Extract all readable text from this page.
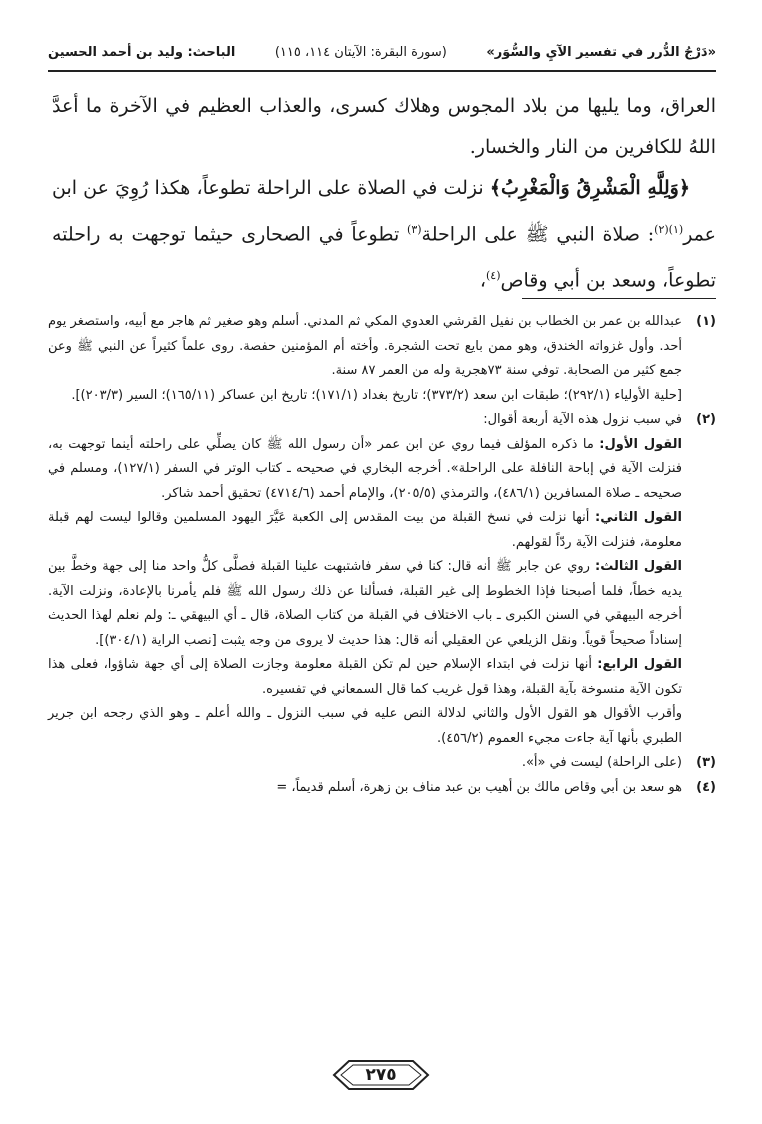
«دَرْجُ الدُّرر في تفسير الآيِ والسُّوَر»
(سورة البقرة: الآيتان ١١٤، ١١٥)
الباحث: وليد بن أحمد الحسين

العراق، وما يليها من بلاد المجوس وهلاك كسرى، والعذاب العظيم في الآخرة ما أعدَّ اللهُ للكافرين من النار والخسار.

﴿وَلِلَّهِ الْمَشْرِقُ وَالْمَغْرِبُ﴾ نزلت في الصلاة على الراحلة تطوعاً، هكذا رُوِيَ عن ابن عمر$^{(١)(٢)}$: صلاة النبي ﷺ على الراحلة$^{(٣)}$ تطوعاً في الصحارى حيثما توجهت به راحلته تطوعاً، وسعد بن أبي وقاص$^{(٤)}$،

(١)

عبدالله بن عمر بن الخطاب بن نفيل القرشي العدوي المكي ثم المدني. أسلم وهو صغير ثم هاجر مع أبيه، واستصغر يوم أحد. وأول غزواته الخندق، وهو ممن بايع تحت الشجرة. وأخته أم المؤمنين حفصة. روى علماً كثيراً عن النبي ﷺ وعن جمع كثير من الصحابة. توفي سنة ٧٣هجرية وله من العمر ٨٧ سنة.

[حلية الأولياء (٢٩٢/١)؛ طبقات ابن سعد (٣٧٣/٢)؛ تاريخ بغداد (١٧١/١)؛ تاريخ ابن عساكر (١٦٥/١١)؛ السير (٢٠٣/٣)].

(٢)

في سبب نزول هذه الآية أربعة أقوال:

القول الأول: ما ذكره المؤلف فيما روي عن ابن عمر «أن رسول الله ﷺ كان يصلِّي على راحلته أينما توجهت به، فنزلت الآية في إباحة النافلة على الراحلة». أخرجه البخاري في صحيحه ـ كتاب الوتر في السفر (١٢٧/١)، ومسلم في صحيحه ـ صلاة المسافرين (٤٨٦/١)، والترمذي (٢٠٥/٥)، والإمام أحمد (٤٧١٤/٦) تحقيق أحمد شاكر.

القول الثاني: أنها نزلت في نسخ القبلة من بيت المقدس إلى الكعبة عَيَّرَ اليهود المسلمين وقالوا ليست لهم قبلة معلومة، فنزلت الآية ردّاً لقولهم.

القول الثالث: روي عن جابر ﷺ أنه قال: كنا في سفر فاشتبهت علينا القبلة فصلَّى كلُّ واحد منا إلى جهة وخطَّ بين يديه خطاً، فلما أصبحنا فإذا الخطوط إلى غير القبلة، فسألنا عن ذلك رسول الله ﷺ فلم يأمرنا بالإعادة، ونزلت الآية. أخرجه البيهقي في السنن الكبرى ـ باب الاختلاف في القبلة من كتاب الصلاة، قال ـ أي البيهقي ـ: ولم نعلم لهذا الحديث إسناداً صحيحاً قوياً. ونقل الزيلعي عن العقيلي أنه قال: هذا حديث لا يروى من وجه يثبت [نصب الراية (٣٠٤/١)].

القول الرابع: أنها نزلت في ابتداء الإسلام حين لم تكن القبلة معلومة وجازت الصلاة إلى أي جهة شاؤوا، فعلى هذا تكون الآية منسوخة بآية القبلة، وهذا قول غريب كما قال السمعاني في تفسيره.

وأقرب الأقوال هو القول الأول والثاني لدلالة النص عليه في سبب النزول ـ والله أعلم ـ وهو الذي رجحه ابن جرير الطبري بأنها آية جاءت مجيء العموم (٤٥٦/٢).

(٣)

(على الراحلة) ليست في «أ».

(٤)

هو سعد بن أبي وقاص مالك بن أهيب بن عبد مناف بن زهرة، أسلم قديماً، =

٢٧٥
